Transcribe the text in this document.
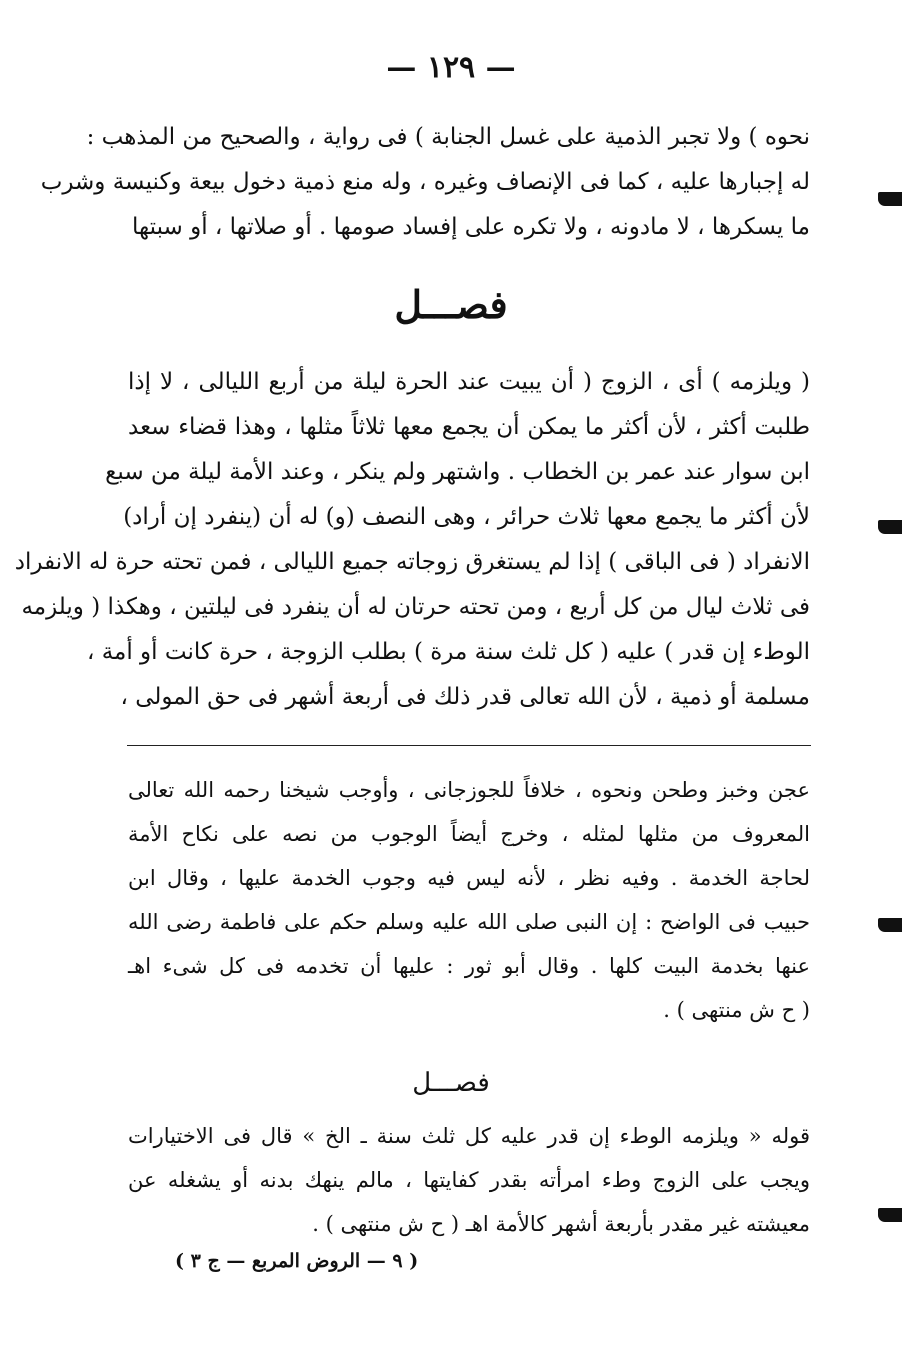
— ١٢٩ —
نحوه ) ولا تجبر الذمية على غسل الجنابة ) فى رواية ، والصحيح من المذهب :
له إجبارها عليه ، كما فى الإنصاف وغيره ، وله منع ذمية دخول بيعة وكنيسة وشرب
ما يسكرها ، لا مادونه ، ولا تكره على إفساد صومها . أو صلاتها ، أو سبتها
فصـــل
( ويلزمه ) أى ، الزوج ( أن يبيت عند الحرة ليلة من أربع الليالى ، لا إذا
طلبت أكثر ، لأن أكثر ما يمكن أن يجمع معها ثلاثاً مثلها ، وهذا قضاء سعد
ابن سوار عند عمر بن الخطاب . واشتهر ولم ينكر ، وعند الأمة ليلة من سبع
لأن أكثر ما يجمع معها ثلاث حرائر ، وهى النصف (و) له أن (ينفرد إن أراد)
الانفراد ( فى الباقى ) إذا لم يستغرق زوجاته جميع الليالى ، فمن تحته حرة له الانفراد
فى ثلاث ليال من كل أربع ، ومن تحته حرتان له أن ينفرد فى ليلتين ، وهكذا ( ويلزمه
الوطء إن قدر ) عليه ( كل ثلث سنة مرة ) بطلب الزوجة ، حرة كانت أو أمة ،
مسلمة أو ذمية ، لأن الله تعالى قدر ذلك فى أربعة أشهر فى حق المولى ،
عجن وخبز وطحن ونحوه ، خلافاً للجوزجانى ، وأوجب شيخنا رحمه الله تعالى
المعروف من مثلها لمثله ، وخرج أيضاً الوجوب من نصه على نكاح الأمة
لحاجة الخدمة . وفيه نظر ، لأنه ليس فيه وجوب الخدمة عليها ، وقال ابن
حبيب فى الواضح : إن النبى صلى الله عليه وسلم حكم على فاطمة رضى الله
عنها بخدمة البيت كلها . وقال أبو ثور : عليها أن تخدمه فى كل شىء اهـ
( ح ش منتهى ) .
فصـــل
قوله « ويلزمه الوطء إن قدر عليه كل ثلث سنة ـ الخ » قال فى الاختيارات
ويجب على الزوج وطء امرأته بقدر كفايتها ، مالم ينهك بدنه أو يشغله عن
معيشته غير مقدر بأربعة أشهر كالأمة اهـ ( ح ش منتهى ) .
( ٩ — الروض المربع — ج ٣ )
